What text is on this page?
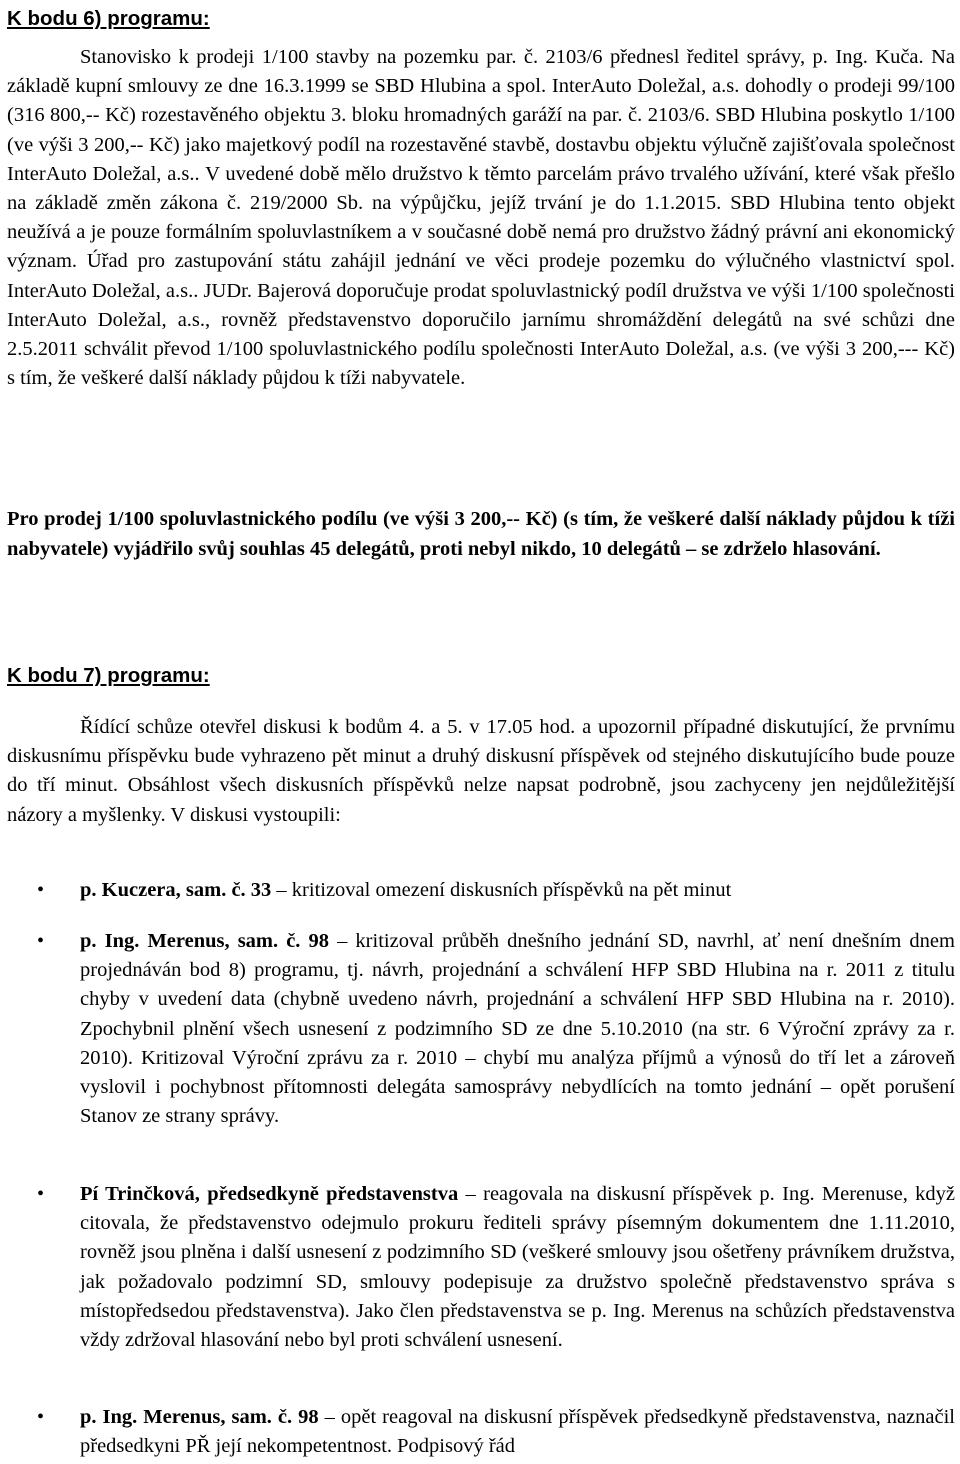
K bodu 6) programu:
Stanovisko k prodeji 1/100 stavby na pozemku par. č. 2103/6 přednesl ředitel správy, p. Ing. Kuča. Na základě kupní smlouvy ze dne 16.3.1999 se SBD Hlubina a spol. InterAuto Doležal, a.s. dohodly o prodeji 99/100 (316 800,-- Kč) rozestavěného objektu 3. bloku hromadných garáží na par. č. 2103/6. SBD Hlubina poskytlo 1/100 (ve výši 3 200,-- Kč) jako majetkový podíl na rozestavěné stavbě, dostavbu objektu výlučně zajišťovala společnost InterAuto Doležal, a.s.. V uvedené době mělo družstvo k těmto parcelám právo trvalého užívání, které však přešlo na základě změn zákona č. 219/2000 Sb. na výpůjčku, jejíž trvání je do 1.1.2015. SBD Hlubina tento objekt neužívá a je pouze formálním spoluvlastníkem a v současné době nemá pro družstvo žádný právní ani ekonomický význam. Úřad pro zastupování státu zahájil jednání ve věci prodeje pozemku do výlučného vlastnictví spol. InterAuto Doležal, a.s.. JUDr. Bajerová doporučuje prodat spoluvlastnický podíl družstva ve výši 1/100 společnosti InterAuto Doležal, a.s., rovněž představenstvo doporučilo jarnímu shromáždění delegátů na své schůzi dne 2.5.2011 schválit převod 1/100 spoluvlastnického podílu společnosti InterAuto Doležal, a.s. (ve výši 3 200,--- Kč) s tím, že veškeré další náklady půjdou k tíži nabyvatele.
Pro prodej 1/100 spoluvlastnického podílu (ve výši 3 200,-- Kč) (s tím, že veškeré další náklady půjdou k tíži nabyvatele) vyjádřilo svůj souhlas 45 delegátů, proti nebyl nikdo, 10 delegátů – se zdrželo hlasování.
K bodu 7) programu:
Řídící schůze otevřel diskusi k bodům 4. a 5. v 17.05 hod. a upozornil případné diskutující, že prvnímu diskusnímu příspěvku bude vyhrazeno pět minut a druhý diskusní příspěvek od stejného diskutujícího bude pouze do tří minut. Obsáhlost všech diskusních příspěvků nelze napsat podrobně, jsou zachyceny jen nejdůležitější názory a myšlenky. V diskusi vystoupili:
•	p. Kuczera, sam. č. 33 – kritizoval omezení diskusních příspěvků na pět minut
•	p. Ing. Merenus, sam. č. 98 – kritizoval průběh dnešního jednání SD, navrhl, ať není dnešním dnem projednáván bod 8) programu, tj. návrh, projednání a schválení HFP SBD Hlubina na r. 2011 z titulu chyby v uvedení data (chybně uvedeno návrh, projednání a schválení HFP SBD Hlubina na r. 2010). Zpochybnil plnění všech usnesení z podzimního SD ze dne 5.10.2010 (na str. 6 Výroční zprávy za r. 2010). Kritizoval Výroční zprávu za r. 2010 – chybí mu analýza příjmů a výnosů do tří let a zároveň vyslovil i pochybnost přítomnosti delegáta samosprávy nebydlících na tomto jednání – opět porušení Stanov ze strany správy.
•	Pí Trinčková, předsedkyně představenstva – reagovala na diskusní příspěvek p. Ing. Merenuse, když citovala, že představenstvo odejmulo prokuru řediteli správy písemným dokumentem dne 1.11.2010, rovněž jsou plněna i další usnesení z podzimního SD (veškeré smlouvy jsou ošetřeny právníkem družstva, jak požadovalo podzimní SD, smlouvy podepisuje za družstvo společně představenstvo správa s místopředsedou představenstva). Jako člen představenstva se p. Ing. Merenus na schůzích představenstva vždy zdržoval hlasování nebo byl proti schválení usnesení.
•	p. Ing. Merenus, sam. č. 98 – opět reagoval na diskusní příspěvek předsedkyně představenstva, naznačil předsedkyni PŘ její nekompetentnost. Podpisový řád
